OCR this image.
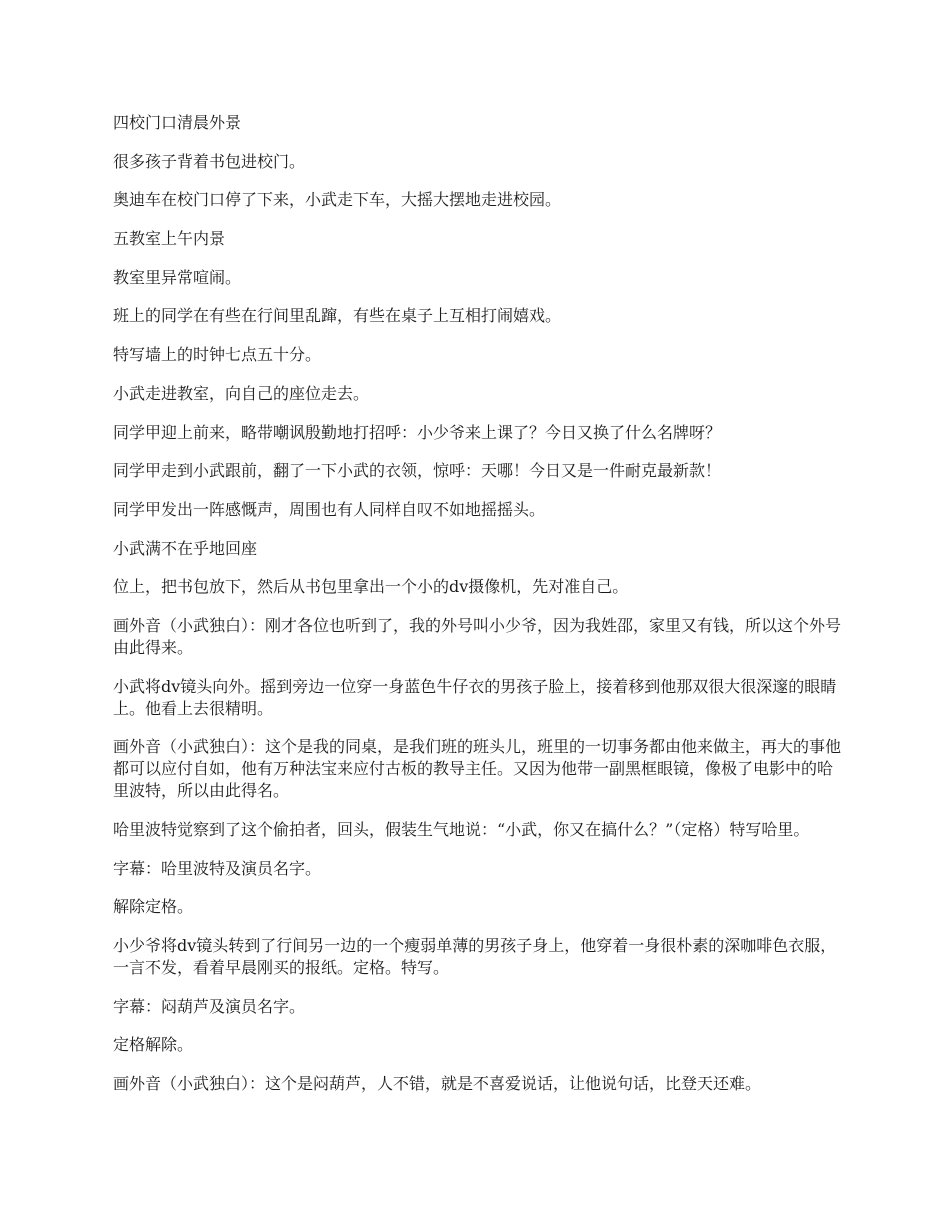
四校门口清晨外景

很多孩子背着书包进校门。

奥迪车在校门口停了下来，小武走下车，大摇大摆地走进校园。

五教室上午内景

教室里异常喧闹。

班上的同学在有些在行间里乱蹿，有些在桌子上互相打闹嬉戏。

特写墙上的时钟七点五十分。

小武走进教室，向自己的座位走去。

同学甲迎上前来，略带嘲讽殷勤地打招呼：小少爷来上课了？今日又换了什么名牌呀？

同学甲走到小武跟前，翻了一下小武的衣领，惊呼：天哪！今日又是一件耐克最新款！

同学甲发出一阵感慨声，周围也有人同样自叹不如地摇摇头。

小武满不在乎地回座

位上，把书包放下，然后从书包里拿出一个小的dv摄像机，先对准自己。

画外音（小武独白）：刚才各位也听到了，我的外号叫小少爷，因为我姓邵，家里又有钱，所以这个外号由此得来。

小武将dv镜头向外。摇到旁边一位穿一身蓝色牛仔衣的男孩子脸上，接着移到他那双很大很深邃的眼睛上。他看上去很精明。

画外音（小武独白）：这个是我的同桌，是我们班的班头儿，班里的一切事务都由他来做主，再大的事他都可以应付自如，他有万种法宝来应付古板的教导主任。又因为他带一副黑框眼镜，像极了电影中的哈里波特，所以由此得名。

哈里波特觉察到了这个偷拍者，回头，假装生气地说：“小武，你又在搞什么？”（定格）特写哈里。

字幕：哈里波特及演员名字。

解除定格。

小少爷将dv镜头转到了行间另一边的一个瘦弱单薄的男孩子身上，他穿着一身很朴素的深咖啡色衣服，一言不发，看着早晨刚买的报纸。定格。特写。

字幕：闷葫芦及演员名字。

定格解除。

画外音（小武独白）：这个是闷葫芦，人不错，就是不喜爱说话，让他说句话，比登天还难。
